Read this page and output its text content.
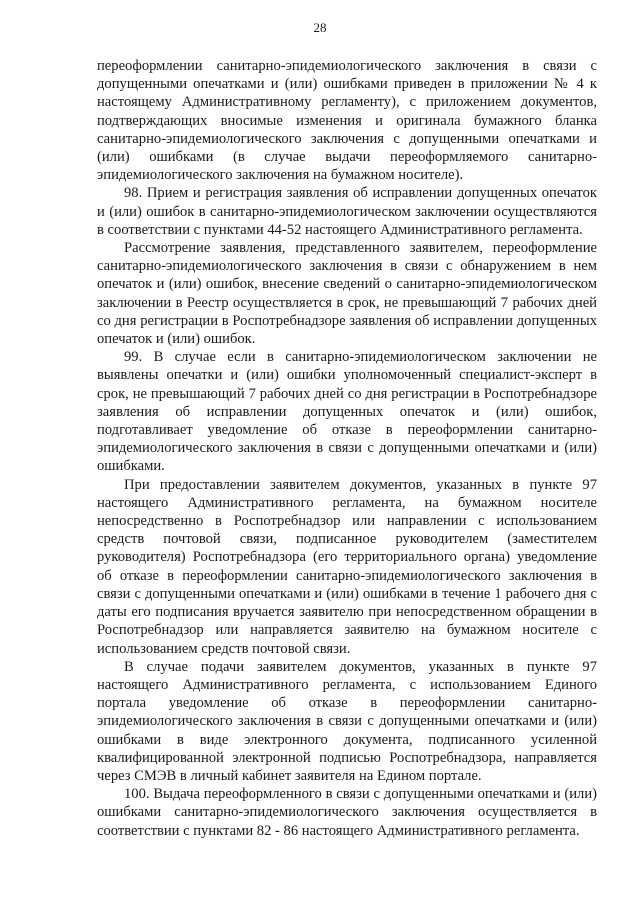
28

переоформлении санитарно-эпидемиологического заключения в связи с допущенными опечатками и (или) ошибками приведен в приложении № 4 к настоящему Административному регламенту), с приложением документов, подтверждающих вносимые изменения и оригинала бумажного бланка санитарно-эпидемиологического заключения с допущенными опечатками и (или) ошибками (в случае выдачи переоформляемого санитарно-эпидемиологического заключения на бумажном носителе).

98. Прием и регистрация заявления об исправлении допущенных опечаток и (или) ошибок в санитарно-эпидемиологическом заключении осуществляются в соответствии с пунктами 44-52 настоящего Административного регламента.

Рассмотрение заявления, представленного заявителем, переоформление санитарно-эпидемиологического заключения в связи с обнаружением в нем опечаток и (или) ошибок, внесение сведений о санитарно-эпидемиологическом заключении в Реестр осуществляется в срок, не превышающий 7 рабочих дней со дня регистрации в Роспотребнадзоре заявления об исправлении допущенных опечаток и (или) ошибок.

99. В случае если в санитарно-эпидемиологическом заключении не выявлены опечатки и (или) ошибки уполномоченный специалист-эксперт в срок, не превышающий 7 рабочих дней со дня регистрации в Роспотребнадзоре заявления об исправлении допущенных опечаток и (или) ошибок, подготавливает уведомление об отказе в переоформлении санитарно-эпидемиологического заключения в связи с допущенными опечатками и (или) ошибками.

При предоставлении заявителем документов, указанных в пункте 97 настоящего Административного регламента, на бумажном носителе непосредственно в Роспотребнадзор или направлении с использованием средств почтовой связи, подписанное руководителем (заместителем руководителя) Роспотребнадзора (его территориального органа) уведомление об отказе в переоформлении санитарно-эпидемиологического заключения в связи с допущенными опечатками и (или) ошибками в течение 1 рабочего дня с даты его подписания вручается заявителю при непосредственном обращении в Роспотребнадзор или направляется заявителю на бумажном носителе с использованием средств почтовой связи.

В случае подачи заявителем документов, указанных в пункте 97 настоящего Административного регламента, с использованием Единого портала уведомление об отказе в переоформлении санитарно-эпидемиологического заключения в связи с допущенными опечатками и (или) ошибками в виде электронного документа, подписанного усиленной квалифицированной электронной подписью Роспотребнадзора, направляется через СМЭВ в личный кабинет заявителя на Едином портале.

100. Выдача переоформленного в связи с допущенными опечатками и (или) ошибками санитарно-эпидемиологического заключения осуществляется в соответствии с пунктами 82 - 86 настоящего Административного регламента.
